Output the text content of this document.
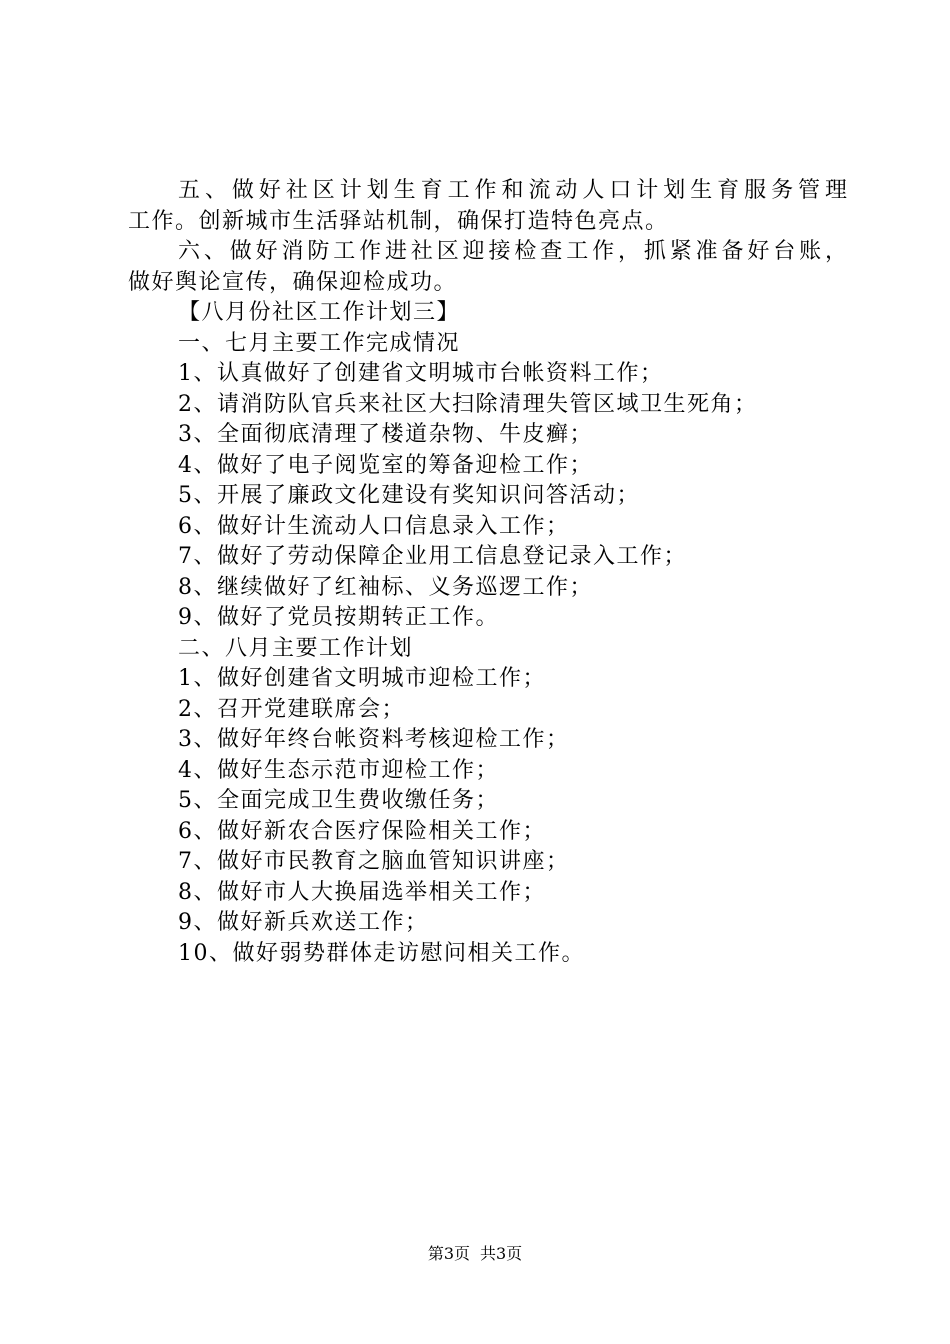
五、做好社区计划生育工作和流动人口计划生育服务管理
工作。创新城市生活驿站机制，确保打造特色亮点。

六、做好消防工作进社区迎接检查工作，抓紧准备好台账，
做好舆论宣传，确保迎检成功。

【八月份社区工作计划三】

一、七月主要工作完成情况

1、认真做好了创建省文明城市台帐资料工作；

2、请消防队官兵来社区大扫除清理失管区域卫生死角；

3、全面彻底清理了楼道杂物、牛皮癣；

4、做好了电子阅览室的筹备迎检工作；

5、开展了廉政文化建设有奖知识问答活动；

6、做好计生流动人口信息录入工作；

7、做好了劳动保障企业用工信息登记录入工作；

8、继续做好了红袖标、义务巡逻工作；

9、做好了党员按期转正工作。

二、八月主要工作计划

1、做好创建省文明城市迎检工作；

2、召开党建联席会；

3、做好年终台帐资料考核迎检工作；

4、做好生态示范市迎检工作；

5、全面完成卫生费收缴任务；

6、做好新农合医疗保险相关工作；

7、做好市民教育之脑血管知识讲座；

8、做好市人大换届选举相关工作；

9、做好新兵欢送工作；

10、做好弱势群体走访慰问相关工作。

第3页 共3页
